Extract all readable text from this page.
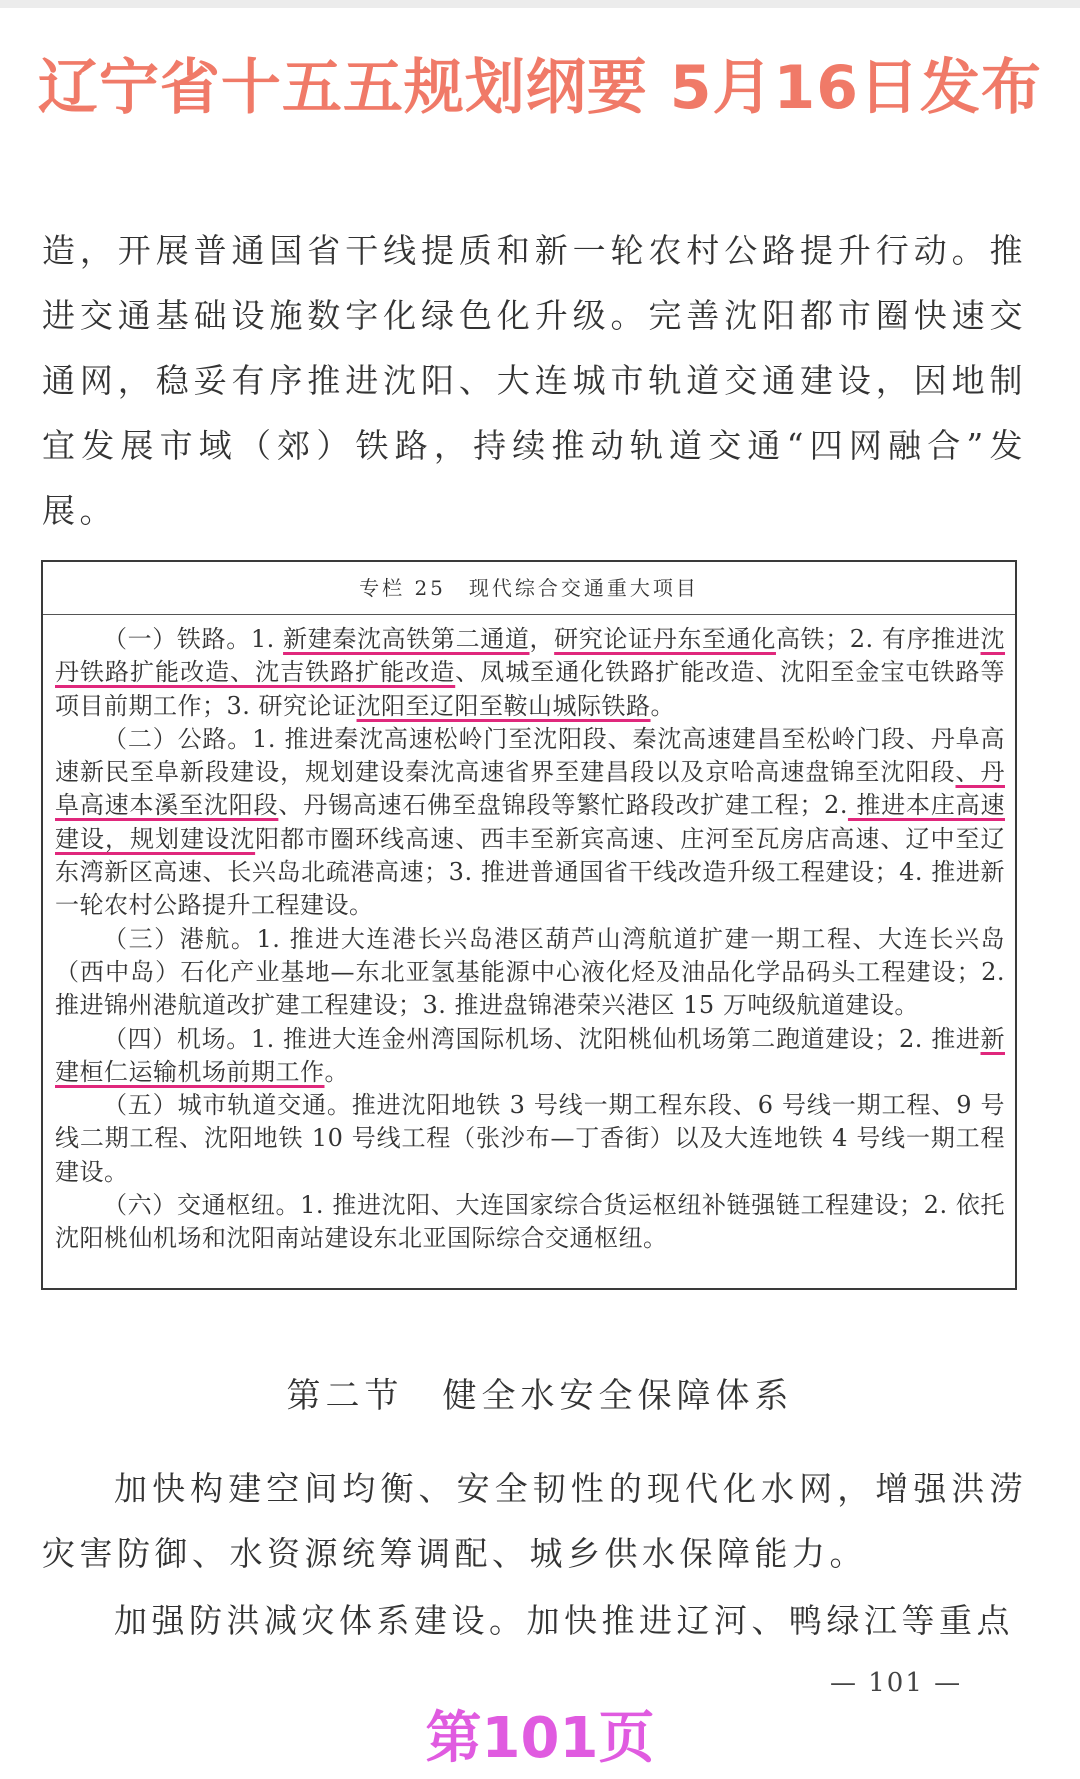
辽宁省十五五规划纲要 5月16日发布

造，开展普通国省干线提质和新一轮农村公路提升行动。推进交通基础设施数字化绿色化升级。完善沈阳都市圈快速交通网，稳妥有序推进沈阳、大连城市轨道交通建设，因地制宜发展市域（郊）铁路，持续推动轨道交通“四网融合”发展。

专栏 25　现代综合交通重大项目

（一）铁路。1. 新建秦沈高铁第二通道，研究论证丹东至通化高铁；2. 有序推进沈丹铁路扩能改造、沈吉铁路扩能改造、凤城至通化铁路扩能改造、沈阳至金宝屯铁路等项目前期工作；3. 研究论证沈阳至辽阳至鞍山城际铁路。

（二）公路。1. 推进秦沈高速松岭门至沈阳段、秦沈高速建昌至松岭门段、丹阜高速新民至阜新段建设，规划建设秦沈高速省界至建昌段以及京哈高速盘锦至沈阳段、丹阜高速本溪至沈阳段、丹锡高速石佛至盘锦段等繁忙路段改扩建工程；2. 推进本庄高速建设，规划建设沈阳都市圈环线高速、西丰至新宾高速、庄河至瓦房店高速、辽中至辽东湾新区高速、长兴岛北疏港高速；3. 推进普通国省干线改造升级工程建设；4. 推进新一轮农村公路提升工程建设。

（三）港航。1. 推进大连港长兴岛港区葫芦山湾航道扩建一期工程、大连长兴岛（西中岛）石化产业基地—东北亚氢基能源中心液化烃及油品化学品码头工程建设；2. 推进锦州港航道改扩建工程建设；3. 推进盘锦港荣兴港区 15 万吨级航道建设。

（四）机场。1. 推进大连金州湾国际机场、沈阳桃仙机场第二跑道建设；2. 推进新建桓仁运输机场前期工作。

（五）城市轨道交通。推进沈阳地铁 3 号线一期工程东段、6 号线一期工程、9 号线二期工程、沈阳地铁 10 号线工程（张沙布—丁香街）以及大连地铁 4 号线一期工程建设。

（六）交通枢纽。1. 推进沈阳、大连国家综合货运枢纽补链强链工程建设；2. 依托沈阳桃仙机场和沈阳南站建设东北亚国际综合交通枢纽。

第二节　健全水安全保障体系

加快构建空间均衡、安全韧性的现代化水网，增强洪涝灾害防御、水资源统筹调配、城乡供水保障能力。

加强防洪减灾体系建设。加快推进辽河、鸭绿江等重点

— 101 —
第101页
